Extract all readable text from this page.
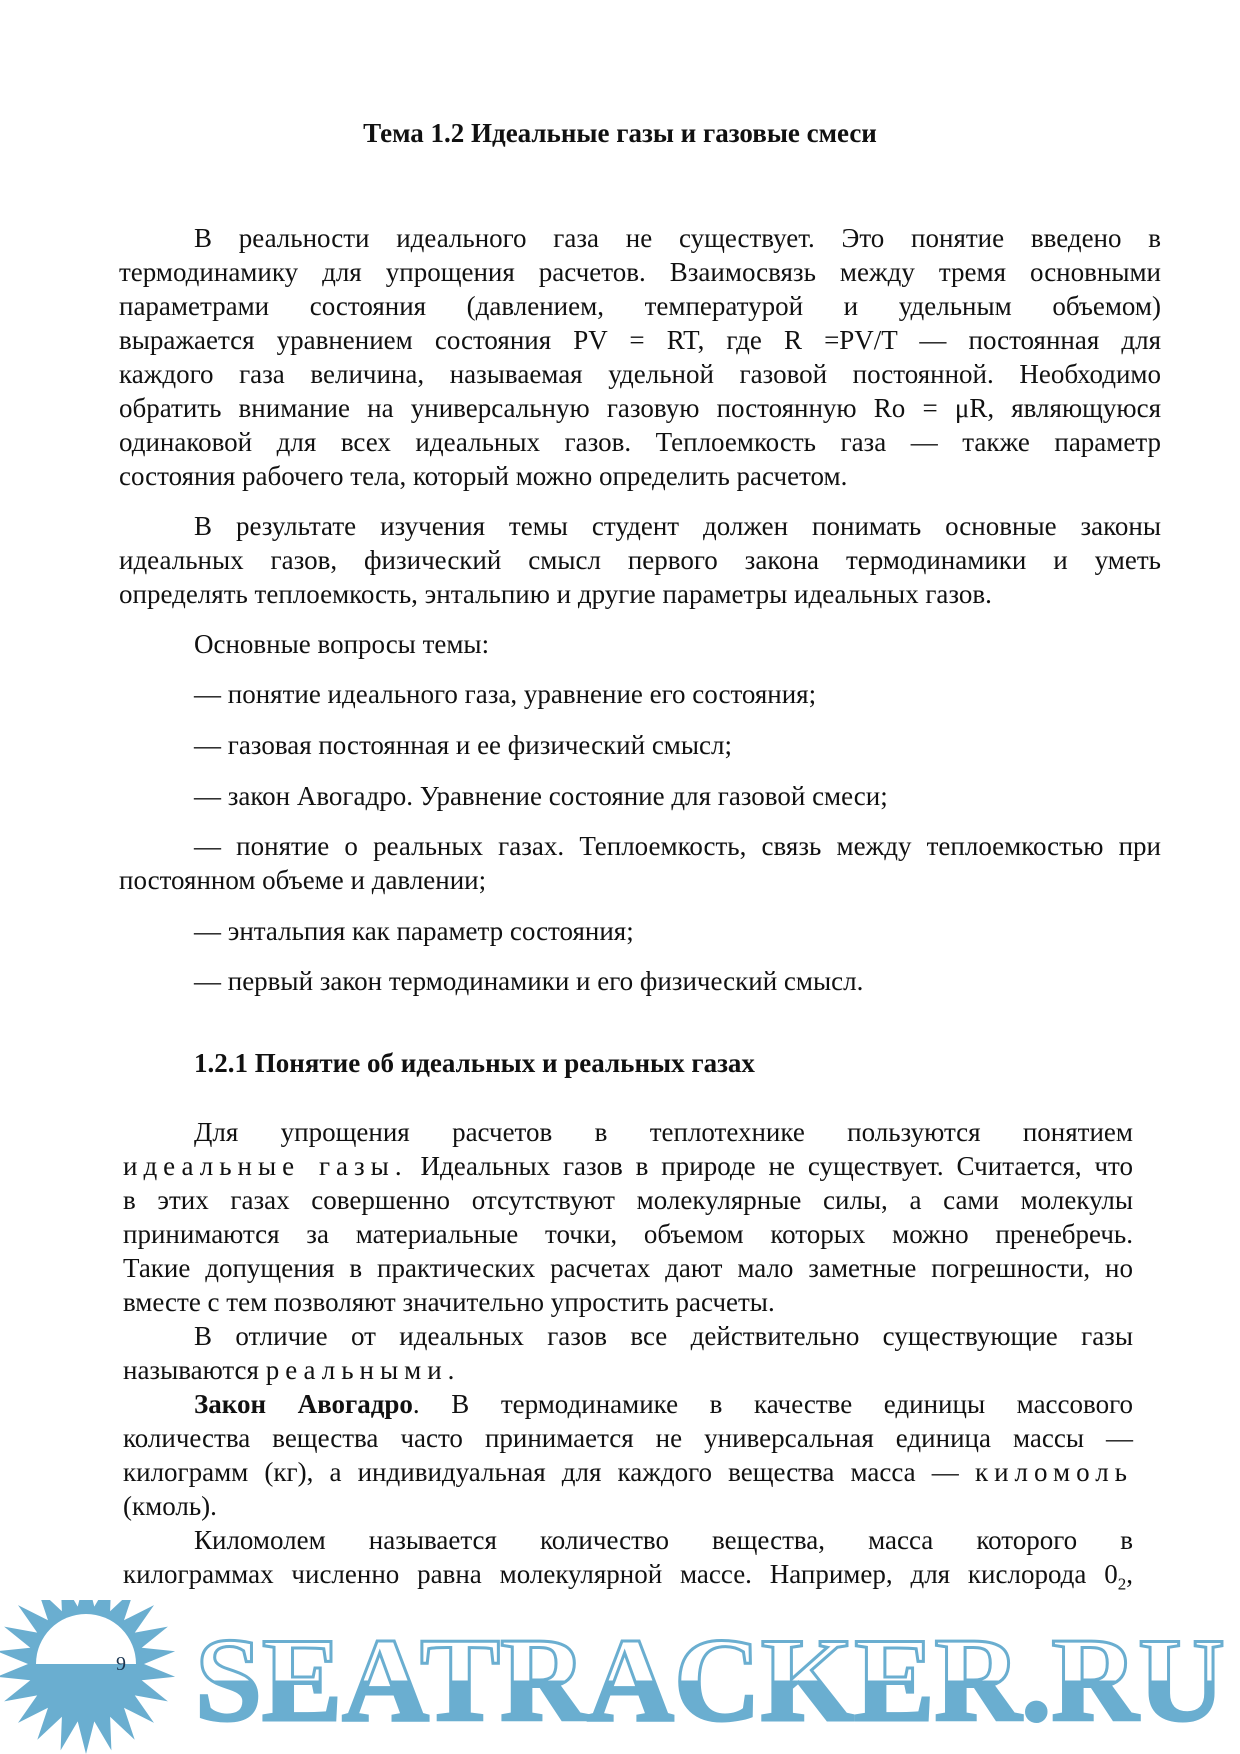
Тема 1.2 Идеальные газы и газовые смеси
В реальности идеального газа не существует. Это понятие введено в
термодинамику для упрощения расчетов. Взаимосвязь между тремя основными
параметрами состояния (давлением, температурой и удельным объемом)
выражается уравнением состояния PV = RT, где R =PV/T — постоянная для
каждого газа величина, называемая удельной газовой постоянной. Необходимо
обратить внимание на универсальную газовую постоянную Ro = μR, являющуюся
одинаковой для всех идеальных газов. Теплоемкость газа — также параметр
состояния рабочего тела, который можно определить расчетом.
В результате изучения темы студент должен понимать основные законы
идеальных газов, физический смысл первого закона термодинамики и уметь
определять теплоемкость, энтальпию и другие параметры идеальных газов.
Основные вопросы темы:
— понятие идеального газа, уравнение его состояния;
— газовая постоянная и ее физический смысл;
— закон Авогадро. Уравнение состояние для газовой смеси;
— понятие о реальных газах. Теплоемкость, связь между теплоемкостью при
постоянном объеме и давлении;
— энтальпия как параметр состояния;
— первый закон термодинамики и его физический смысл.
1.2.1 Понятие об идеальных и реальных газах
Для упрощения расчетов в теплотехнике пользуются понятием
идеальные газы. Идеальных газов в природе не существует. Считается, что
в этих газах совершенно отсутствуют молекулярные силы, а сами молекулы
принимаются за материальные точки, объемом которых можно пренебречь.
Такие допущения в практических расчетах дают мало заметные погрешности, но
вместе с тем позволяют значительно упростить расчеты.
В отличие от идеальных газов все действительно существующие газы
называются реальными.
Закон Авогадро. В термодинамике в качестве единицы массового
количества вещества часто принимается не универсальная единица массы —
килограмм (кг), а индивидуальная для каждого вещества масса — киломоль
(кмоль).
Киломолем называется количество вещества, масса которого в
килограммах численно равна молекулярной массе. Например, для кислорода $0_2$,
SEATRACKER.RU
9
